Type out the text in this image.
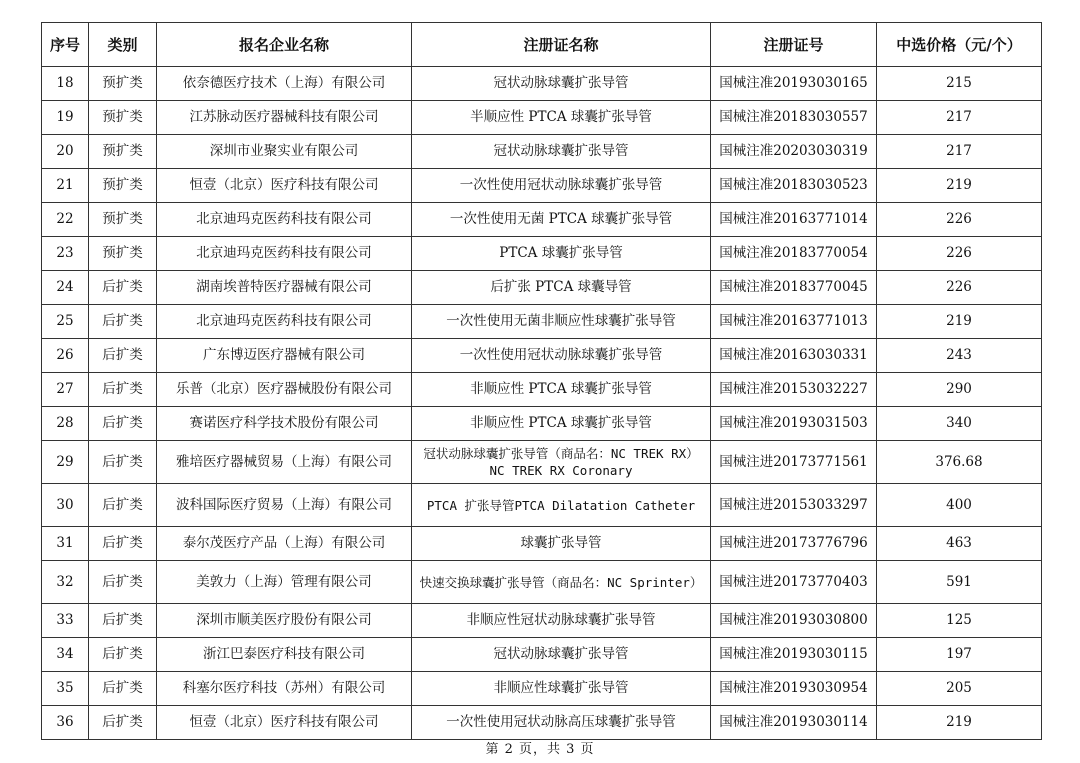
序号	类别	报名企业名称	注册证名称	注册证号	中选价格（元/个）
18	预扩类	依奈德医疗技术（上海）有限公司	冠状动脉球囊扩张导管	国械注准20193030165	215
19	预扩类	江苏脉动医疗器械科技有限公司	半顺应性 PTCA 球囊扩张导管	国械注准20183030557	217
20	预扩类	深圳市业聚实业有限公司	冠状动脉球囊扩张导管	国械注准20203030319	217
21	预扩类	恒壹（北京）医疗科技有限公司	一次性使用冠状动脉球囊扩张导管	国械注准20183030523	219
22	预扩类	北京迪玛克医药科技有限公司	一次性使用无菌 PTCA 球囊扩张导管	国械注准20163771014	226
23	预扩类	北京迪玛克医药科技有限公司	PTCA 球囊扩张导管	国械注准20183770054	226
24	后扩类	湖南埃普特医疗器械有限公司	后扩张 PTCA 球囊导管	国械注准20183770045	226
25	后扩类	北京迪玛克医药科技有限公司	一次性使用无菌非顺应性球囊扩张导管	国械注准20163771013	219
26	后扩类	广东博迈医疗器械有限公司	一次性使用冠状动脉球囊扩张导管	国械注准20163030331	243
27	后扩类	乐普（北京）医疗器械股份有限公司	非顺应性 PTCA 球囊扩张导管	国械注准20153032227	290
28	后扩类	赛诺医疗科学技术股份有限公司	非顺应性 PTCA 球囊扩张导管	国械注准20193031503	340
29	后扩类	雅培医疗器械贸易（上海）有限公司	冠状动脉球囊扩张导管（商品名：NC TREK RX） NC TREK RX Coronary	国械注进20173771561	376.68
30	后扩类	波科国际医疗贸易（上海）有限公司	PTCA 扩张导管PTCA Dilatation Catheter	国械注进20153033297	400
31	后扩类	泰尔茂医疗产品（上海）有限公司	球囊扩张导管	国械注进20173776796	463
32	后扩类	美敦力（上海）管理有限公司	快速交换球囊扩张导管（商品名：NC Sprinter）	国械注进20173770403	591
33	后扩类	深圳市顺美医疗股份有限公司	非顺应性冠状动脉球囊扩张导管	国械注准20193030800	125
34	后扩类	浙江巴泰医疗科技有限公司	冠状动脉球囊扩张导管	国械注准20193030115	197
35	后扩类	科塞尔医疗科技（苏州）有限公司	非顺应性球囊扩张导管	国械注准20193030954	205
36	后扩类	恒壹（北京）医疗科技有限公司	一次性使用冠状动脉高压球囊扩张导管	国械注准20193030114	219
第 2 页，共 3 页
